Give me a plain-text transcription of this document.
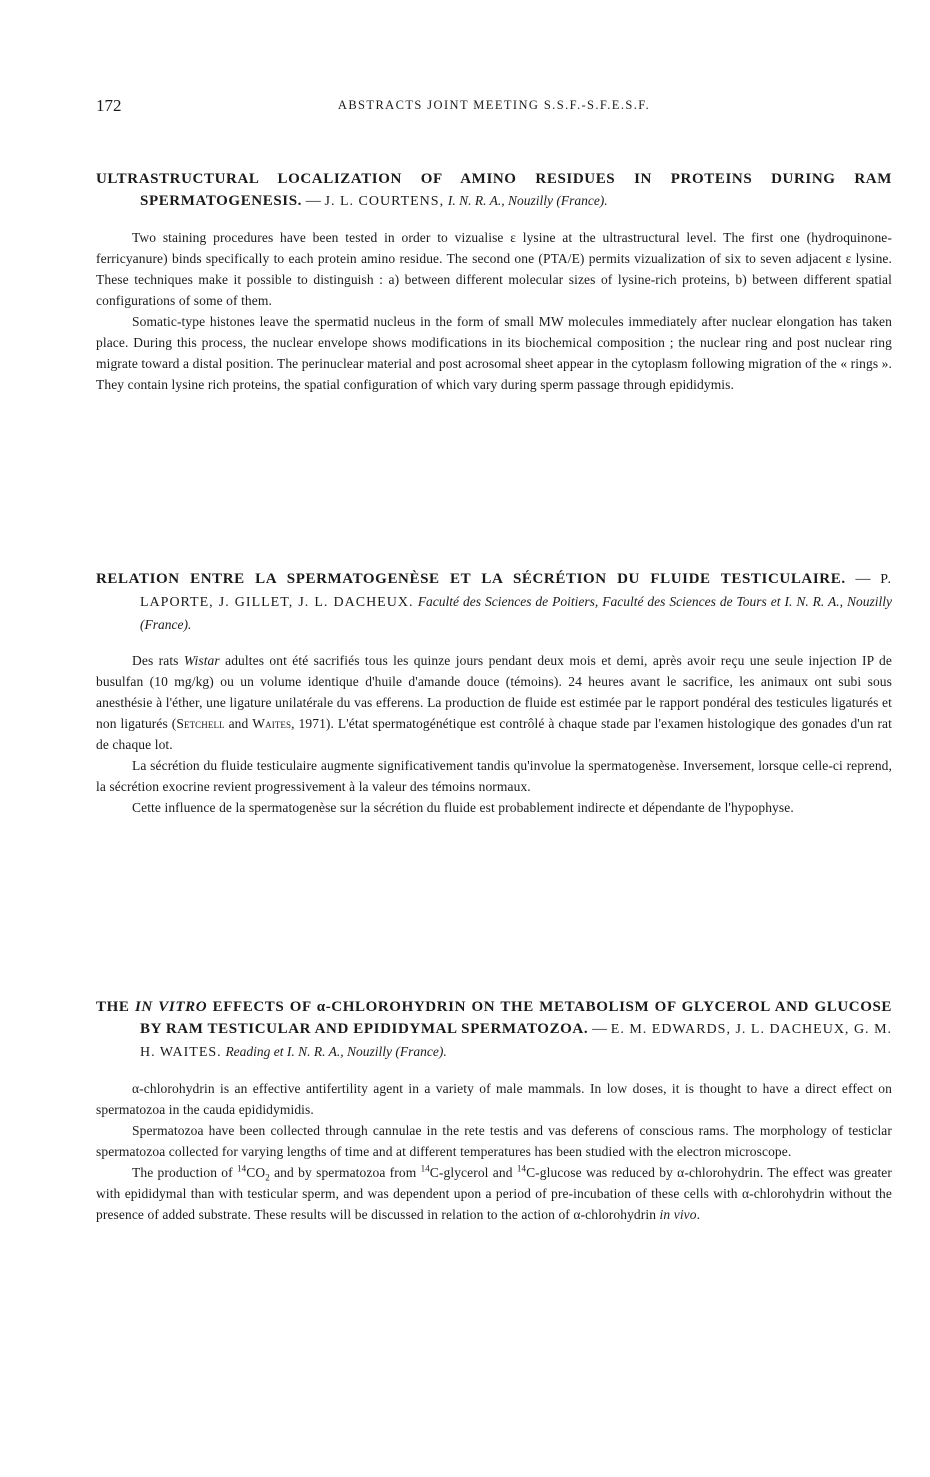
172	ABSTRACTS JOINT MEETING S.S.F.-S.F.E.S.F.

ULTRASTRUCTURAL LOCALIZATION OF AMINO RESIDUES IN PROTEINS DURING RAM SPERMATOGENESIS. — J. L. COURTENS, I. N. R. A., Nouzilly (France).

Two staining procedures have been tested in order to vizualise ε lysine at the ultrastructural level. The first one (hydroquinone-ferricyanure) binds specifically to each protein amino residue. The second one (PTA/E) permits vizualization of six to seven adjacent ε lysine. These techniques make it possible to distinguish : a) between different molecular sizes of lysine-rich proteins, b) between different spatial configurations of some of them.

Somatic-type histones leave the spermatid nucleus in the form of small MW molecules immediately after nuclear elongation has taken place. During this process, the nuclear envelope shows modifications in its biochemical composition ; the nuclear ring and post nuclear ring migrate toward a distal position. The perinuclear material and post acrosomal sheet appear in the cytoplasm following migration of the « rings ». They contain lysine rich proteins, the spatial configuration of which vary during sperm passage through epididymis.

RELATION ENTRE LA SPERMATOGENÈSE ET LA SÉCRÉTION DU FLUIDE TESTICULAIRE. — P. LAPORTE, J. GILLET, J. L. DACHEUX. Faculté des Sciences de Poitiers, Faculté des Sciences de Tours et I. N. R. A., Nouzilly (France).

Des rats Wistar adultes ont été sacrifiés tous les quinze jours pendant deux mois et demi, après avoir reçu une seule injection IP de busulfan (10 mg/kg) ou un volume identique d'huile d'amande douce (témoins). 24 heures avant le sacrifice, les animaux ont subi sous anesthésie à l'éther, une ligature unilatérale du vas efferens. La production de fluide est estimée par le rapport pondéral des testicules ligaturés et non ligaturés (Setchell and Waites, 1971). L'état spermatogénétique est contrôlé à chaque stade par l'examen histologique des gonades d'un rat de chaque lot.

La sécrétion du fluide testiculaire augmente significativement tandis qu'involue la spermatogenèse. Inversement, lorsque celle-ci reprend, la sécrétion exocrine revient progressivement à la valeur des témoins normaux.

Cette influence de la spermatogenèse sur la sécrétion du fluide est probablement indirecte et dépendante de l'hypophyse.

THE IN VITRO EFFECTS OF α-CHLOROHYDRIN ON THE METABOLISM OF GLYCEROL AND GLUCOSE BY RAM TESTICULAR AND EPIDIDYMAL SPERMATOZOA. — E. M. EDWARDS, J. L. DACHEUX, G. M. H. WAITES. Reading et I. N. R. A., Nouzilly (France).

α-chlorohydrin is an effective antifertility agent in a variety of male mammals. In low doses, it is thought to have a direct effect on spermatozoa in the cauda epididymidis.

Spermatozoa have been collected through cannulae in the rete testis and vas deferens of conscious rams. The morphology of testiclar spermatozoa collected for varying lengths of time and at different temperatures has been studied with the electron microscope.

The production of $^{14}CO_2$ and by spermatozoa from $^{14}$C-glycerol and $^{14}$C-glucose was reduced by α-chlorohydrin. The effect was greater with epididymal than with testicular sperm, and was dependent upon a period of pre-incubation of these cells with α-chlorohydrin without the presence of added substrate. These results will be discussed in relation to the action of α-chlorohydrin in vivo.
